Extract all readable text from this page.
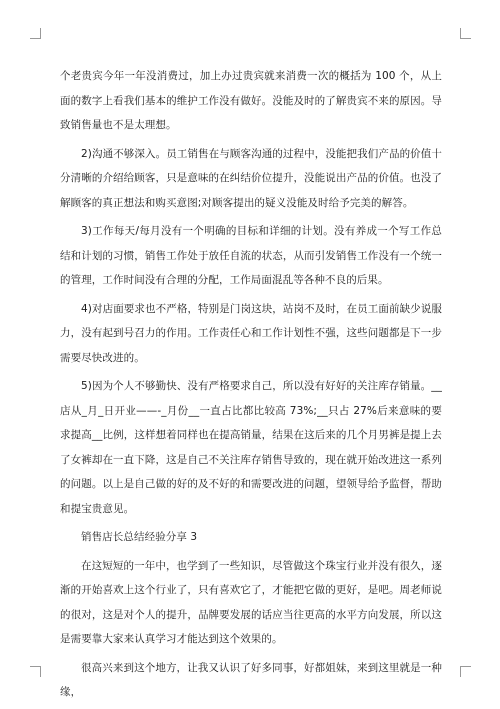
个老贵宾今年一年没消费过，加上办过贵宾就来消费一次的概括为 100 个，从上面的数字上看我们基本的维护工作没有做好。没能及时的了解贵宾不来的原因。导致销售量也不是太理想。

2)沟通不够深入。员工销售在与顾客沟通的过程中，没能把我们产品的价值十分清晰的介绍给顾客，只是意味的在纠结价位提升，没能说出产品的价值。也没了解顾客的真正想法和购买意图;对顾客提出的疑义没能及时给予完美的解答。

3)工作每天/每月没有一个明确的目标和详细的计划。没有养成一个写工作总结和计划的习惯，销售工作处于放任自流的状态，从而引发销售工作没有一个统一的管理，工作时间没有合理的分配，工作局面混乱等各种不良的后果。

4)对店面要求也不严格，特别是门岗这块，站岗不及时，在员工面前缺少说服力，没有起到号召力的作用。工作责任心和工作计划性不强，这些问题都是下一步需要尽快改进的。

5)因为个人不够勤快、没有严格要求自己，所以没有好好的关注库存销量。__店从_月_日开业——-_月份__一直占比都比较高 73%;__只占 27%后来意味的要求提高__比例，这样想着同样也在提高销量，结果在这后来的几个月男裤是提上去了女裤却在一直下降，这是自己不关注库存销售导致的，现在就开始改进这一系列的问题。以上是自己做的好的及不好的和需要改进的问题，望领导给予监督，帮助和提宝贵意见。

销售店长总结经验分享 3

在这短短的一年中，也学到了一些知识，尽管做这个珠宝行业并没有很久，逐渐的开始喜欢上这个行业了，只有喜欢它了，才能把它做的更好，是吧。周老师说的很对，这是对个人的提升，品牌要发展的话应当往更高的水平方向发展，所以这是需要靠大家来认真学习才能达到这个效果的。

很高兴来到这个地方，让我又认识了好多同事，好都姐妹，来到这里就是一种缘，
